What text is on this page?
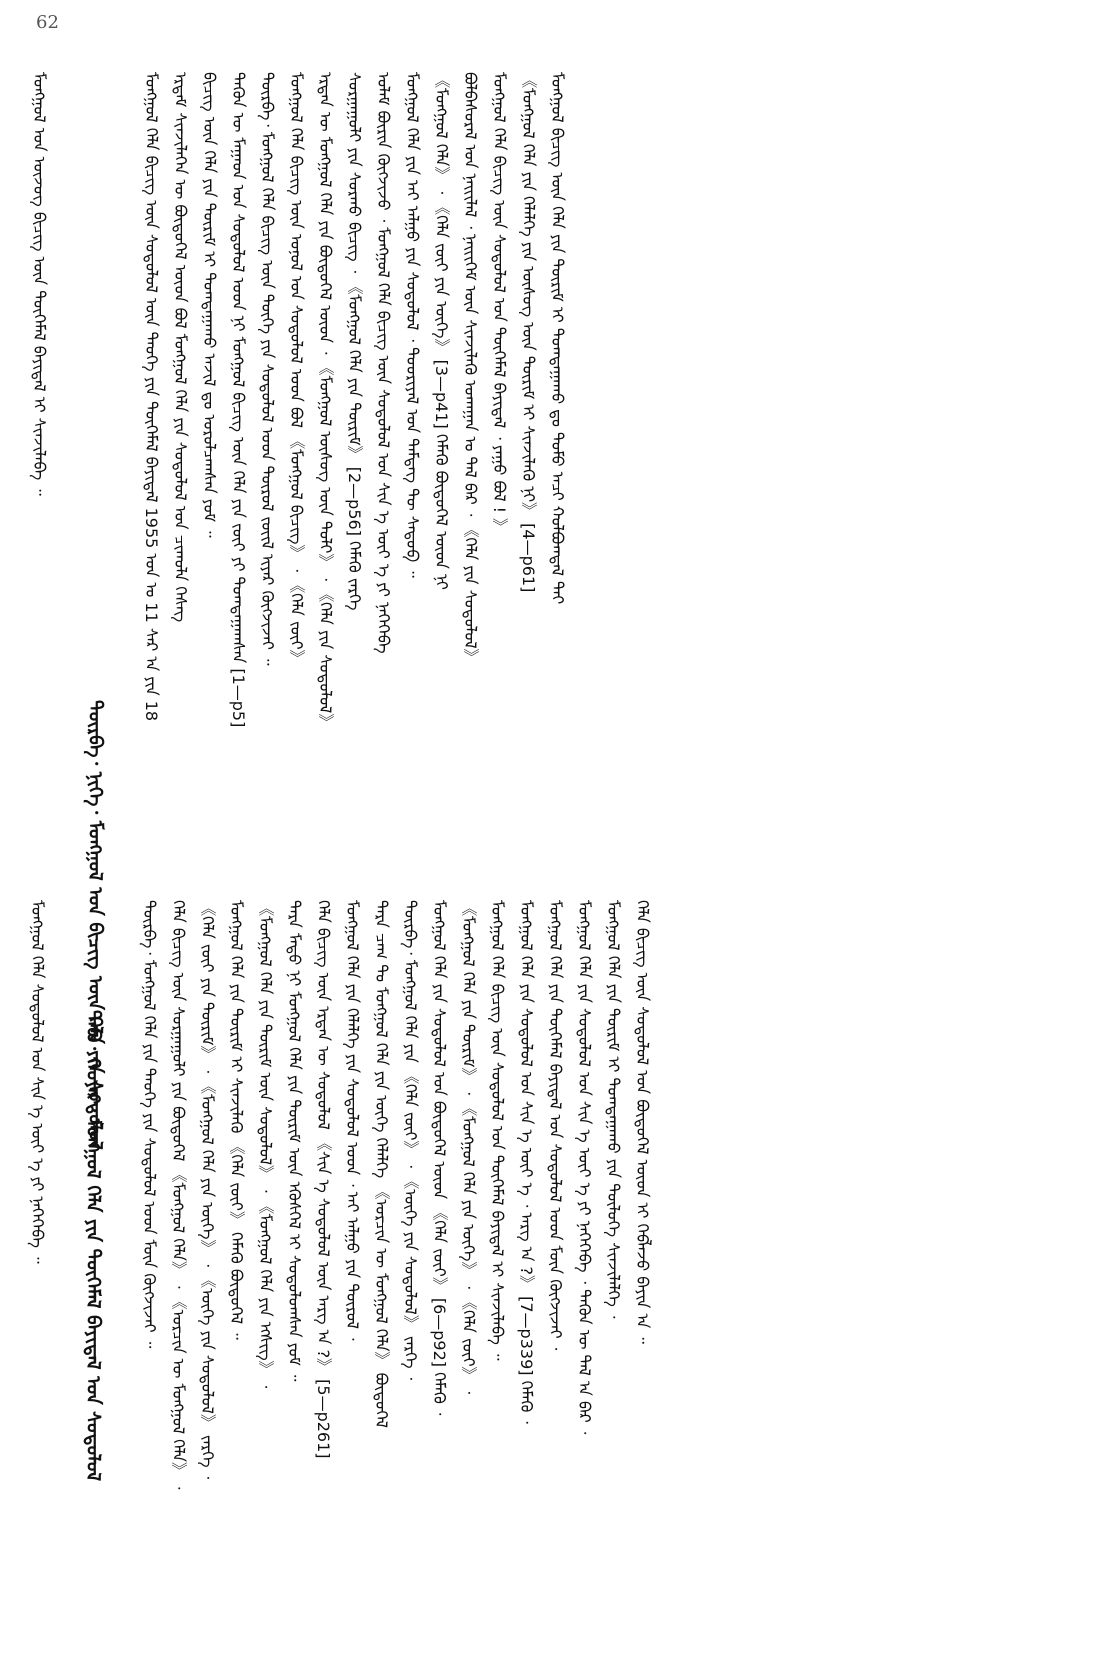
62
ᠮᠣᠩᠭᠣᠯ ᠤᠨ ᠦᠵᠦᠭ ᠪᠢᠴᠢᠭ ᠦᠨ ᠲᠦᠭᠡᠮᠡᠯ ᠪᠠᠶᠢᠳᠠᠯ ᠢ ᠰᠢᠨᠵᠢᠯᠡᠪᠡ ᠃
ᠳᠦᠷᠪᠡ᠂ ᠨᠢᠭᠡ᠂ ᠮᠣᠩᠭᠣᠯ ᠤᠨ ᠪᠢᠴᠢᠭ ᠦᠨ ᠬᠡᠯᠡ ᠶᠢᠨ ᠰᠤᠳᠤᠯᠤᠯ
ᠮᠣᠩᠭᠣᠯ ᠬᠡᠯᠡ ᠪᠢᠴᠢᠭ ᠦᠨ ᠰᠤᠳᠤᠯᠤᠯ ᠦᠨ ᠲᠡᠦᠬᠡ ᠶᠢᠨ ᠲᠦᠭᠡᠮᠡᠯ ᠪᠠᠶᠢᠳᠠᠯ 1955 ᠣᠨ ᠤ 11 ᠰᠠᠷ ᠠ ᠶᠢᠨ 18 ᠡᠷᠳᠡᠮ ᠰᠢᠨᠵᠢᠯᠡᠭᠡᠨ ᠦ ᠪᠦᠲᠦᠭᠡᠯ ᠦᠳ ᠪᠣᠯ ᠮᠣᠩᠭᠣᠯ ᠬᠡᠯᠡ ᠶᠢᠨ ᠰᠤᠳᠤᠯᠤᠯ ᠤᠨ ᠴᠢᠬᠤᠯᠠ ᠬᠡᠰᠡᠭ ᠪᠢᠴᠢᠭ ᠦᠨ ᠬᠡᠯᠡ ᠶᠢᠨ ᠳᠦᠷᠢᠮ ᠢ ᠲᠣᠭᠲᠠᠭᠠᠬᠤ ᠠᠵᠢᠯ ᠳᠤ ᠣᠷᠣᠯᠴᠠᠭᠰᠠᠨ ᠶᠤᠮ ᠃ ᠲᠡᠭᠦᠨ ᠦ ᠮᠠᠭᠠᠳ ᠤᠨ ᠰᠤᠳᠤᠯᠤᠯ ᠤᠳ ᠨᠢ ᠮᠣᠩᠭᠣᠯ ᠪᠢᠴᠢᠭ ᠦᠨ ᠬᠡᠯᠡ ᠶᠢᠨ ᠵᠦᠢ ᠶᠢ ᠲᠣᠭᠲᠠᠭᠠᠭᠰᠠᠨ [1—p5] ᠳᠦᠷᠪᠡ᠂ ᠮᠣᠩᠭᠣᠯ ᠬᠡᠯᠡ ᠪᠢᠴᠢᠭ ᠦᠨ ᠲᠦᠬᠡ ᠶᠢᠨ ᠰᠤᠳᠤᠯᠤᠯ ᠤᠳ ᠲᠦᠷᠦᠯ ᠵᠦᠢᠯ ᠢᠶᠡᠷ ᠬᠥᠭᠵᠢᠵᠡᠢ ᠃ ᠮᠣᠩᠭᠣᠯ ᠬᠡᠯᠡ ᠪᠢᠴᠢᠭ ᠦᠨ ᠣᠨᠣᠯ ᠤᠨ ᠰᠤᠳᠤᠯᠤᠯ ᠤᠳ ᠪᠣᠯ 《ᠮᠣᠩᠭᠣᠯ ᠪᠢᠴᠢᠭ》 ᠂ 《ᠬᠡᠯᠡ ᠵᠦᠢ》 ᠡᠷᠲᠡᠨ ᠦ ᠮᠣᠩᠭᠣᠯ ᠬᠡᠯᠡ ᠶᠢᠨ ᠪᠦᠲᠦᠭᠡᠯ ᠦᠳ ᠂ 《ᠮᠣᠩᠭᠣᠯ ᠦᠰᠦᠭ ᠦᠨ ᠲᠣᠯᠢ》 ᠂ 《ᠬᠡᠯᠡ ᠶᠢᠨ ᠰᠤᠳᠤᠯᠤᠯ》 ᠰᠤᠷᠭᠠᠭᠤᠯᠢ ᠶᠢᠨ ᠰᠤᠷᠬᠤ ᠪᠢᠴᠢᠭ ᠂ 《ᠮᠣᠩᠭᠣᠯ ᠬᠡᠯᠡ ᠶᠢᠨ ᠳᠦᠷᠢᠮ》 [2—p56] ᠬᠡᠮᠡᠬᠦ ᠵᠡᠷᠭᠡ ᠤᠯᠠᠮ ᠪᠦᠷᠢᠨ ᠬᠥᠭᠵᠢᠵᠦ ᠂ ᠮᠣᠩᠭᠣᠯ ᠬᠡᠯᠡ ᠪᠢᠴᠢᠭ ᠦᠨ ᠰᠤᠳᠤᠯᠤᠯ ᠤᠨ ᠰᠢᠨ ᠡ ᠦᠶ ᠡ ᠶᠢ ᠨᠡᠭᠡᠭᠡᠪᠡ ᠮᠣᠩᠭᠣᠯ ᠬᠡᠯᠡ ᠶᠢᠨ ᠠᠶ ᠠᠯᠭᠤ ᠶᠢᠨ ᠰᠤᠳᠤᠯᠤᠯ ᠂ ᠳᠤᠤᠷᠢᠶᠠᠯ ᠤᠨ ᠲᠡᠮᠳᠡᠭ ᠲᠦ ᠰᠡᠳᠦᠪ ᠃ 《ᠮᠣᠩᠭᠣᠯ ᠬᠡᠯᠡ》 ᠂ 《ᠬᠡᠯᠡ ᠵᠦᠢ ᠶᠢᠨ ᠦᠭᠡ》 [3—p41] ᠬᠡᠮᠡᠬᠦ ᠪᠦᠲᠦᠭᠡᠯ ᠦᠳ ᠨᠢ ᠪᠣᠯᠪᠠᠰᠤᠷᠠᠯ ᠤᠨ ᠨᠡᠢᠢᠯᠡᠯ ᠂ ᠨᠡᠢᠢᠭᠡᠮ ᠦᠨ ᠰᠢᠨᠵᠢᠯᠡᠬᠦ ᠤᠬᠠᠭᠠᠨ ᠤ ᠲᠠᠯ ᠪᠡᠷ ᠂ 《ᠬᠡᠯᠡ ᠶᠢᠨ ᠰᠤᠳᠤᠯᠤᠯ》 ᠮᠣᠩᠭᠣᠯ ᠬᠡᠯᠡ ᠪᠢᠴᠢᠭ ᠦᠨ ᠰᠤᠳᠤᠯᠤᠯ ᠤᠨ ᠲᠦᠭᠡᠮᠡᠯ ᠪᠠᠶᠢᠳᠠᠯ ᠂ ᠶᠠᠭᠤ ᠪᠣᠯ ! 》 《ᠮᠣᠩᠭᠣᠯ ᠬᠡᠯᠡ ᠶᠢᠨ ᠬᠡᠯᠡᠯᠭᠡ ᠶᠢᠨ ᠦᠰᠦᠭ ᠦᠨ ᠳᠦᠷᠢᠮ ᠢ ᠰᠢᠨᠵᠢᠯᠡᠬᠦ ᠨᠢ》 [4—p61] ᠮᠣᠩᠭᠣᠯ ᠪᠢᠴᠢᠭ ᠦᠨ ᠬᠡᠯᠡ ᠶᠢᠨ ᠳᠦᠷᠢᠮ ᠢ ᠲᠣᠭᠲᠠᠭᠠᠬᠤ ᠳᠤ ᠲᠣᠮᠤ ᠠᠴᠢ ᠬᠤᠯᠪᠤᠭᠳᠠᠯ ᠲᠠᠢ
ᠮᠣᠩᠭᠣᠯ ᠬᠡᠯᠡ ᠰᠤᠳᠤᠯᠤᠯ ᠤᠨ ᠰᠢᠨ ᠡ ᠦᠶ ᠡ ᠶᠢ ᠨᠡᠭᠡᠭᠡᠪᠡ ᠃ ᠲᠠᠪᠤ᠂ ᠬᠣᠶᠠᠷ᠂ ᠮᠣᠩᠭᠣᠯ ᠬᠡᠯᠡ ᠶᠢᠨ ᠲᠦᠭᠡᠮᠡᠯ ᠪᠠᠶᠢᠳᠠᠯ ᠤᠨ ᠰᠤᠳᠤᠯᠤᠯ	ᠳᠦᠷᠪᠡ᠂ ᠮᠣᠩᠭᠣᠯ ᠬᠡᠯᠡ ᠶᠢᠨ ᠲᠡᠦᠬᠡ ᠶᠢᠨ ᠰᠤᠳᠤᠯᠤᠯ ᠤᠳ ᠮᠥᠨ ᠬᠥᠭᠵᠢᠵᠡᠢ ᠃ ᠬᠡᠯᠡ ᠪᠢᠴᠢᠭ ᠦᠨ ᠰᠤᠷᠭᠠᠭᠤᠯᠢ ᠶᠢᠨ ᠪᠦᠲᠦᠭᠡᠯ 《ᠮᠣᠩᠭᠣᠯ ᠬᠡᠯᠡ》 ᠂ 《ᠣᠷᠴᠢᠨ ᠦ ᠮᠣᠩᠭᠣᠯ ᠬᠡᠯᠡ》 ᠂ 《ᠬᠡᠯᠡ ᠵᠦᠢ ᠶᠢᠨ ᠳᠦᠷᠢᠮ》 ᠂ 《ᠮᠣᠩᠭᠣᠯ ᠬᠡᠯᠡ ᠶᠢᠨ ᠦᠭᠡ》 ᠂ 《ᠦᠭᠡ ᠶᠢᠨ ᠰᠤᠳᠤᠯᠤᠯ》 ᠵᠡᠷᠭᠡ ᠂ ᠮᠣᠩᠭᠣᠯ ᠬᠡᠯᠡ ᠶᠢᠨ ᠳᠦᠷᠢᠮ ᠢ ᠰᠢᠨᠵᠢᠯᠡᠬᠦ 《ᠬᠡᠯᠡ ᠵᠦᠢ》 ᠬᠡᠮᠡᠬᠦ ᠪᠦᠲᠦᠭᠡᠯ ᠃ 《ᠮᠣᠩᠭᠣᠯ ᠬᠡᠯᠡ ᠶᠢᠨ ᠳᠦᠷᠢᠮ ᠦᠨ ᠰᠤᠳᠤᠯᠤᠯ》 ᠂ 《ᠮᠣᠩᠭᠣᠯ ᠬᠡᠯᠡ ᠶᠢᠨ ᠡᠭᠰᠢᠭ》 ᠂ ᠲᠡᠷᠡ ᠮᠡᠲᠦ ᠨᠢ ᠮᠣᠩᠭᠣᠯ ᠬᠡᠯᠡ ᠶᠢᠨ ᠳᠦᠷᠢᠮ ᠦᠨ ᠡᠭᠦᠰᠬᠡᠯ ᠢ ᠰᠤᠳᠤᠯᠤᠭᠰᠠᠨ ᠶᠤᠮ ᠃ ᠬᠡᠯᠡ ᠪᠢᠴᠢᠭ ᠦᠨ ᠡᠷᠲᠡᠨ ᠦ ᠰᠤᠳᠤᠯᠤᠯ 《ᠰᠢᠨ ᠡ ᠰᠤᠳᠤᠯᠤᠯ ᠦᠨ ᠠᠷᠭ ᠠ ?》 [5—p261] ᠮᠣᠩᠭᠣᠯ ᠬᠡᠯᠡ ᠶᠢᠨ ᠬᠡᠯᠡᠯᠭᠡ ᠶᠢᠨ ᠰᠤᠳᠤᠯᠤᠯ ᠤᠳ ᠂ ᠠᠶ ᠠᠯᠭᠤ ᠶᠢᠨ ᠲᠦᠷᠦᠯ ᠂ ᠲᠡᠷᠡ ᠴᠠᠭ ᠲᠤ ᠮᠣᠩᠭᠣᠯ ᠬᠡᠯᠡ ᠶᠢᠨ ᠦᠭᠡ ᠬᠡᠯᠡᠯᠭᠡ 《ᠣᠷᠴᠢᠨ ᠦ ᠮᠣᠩᠭᠣᠯ ᠬᠡᠯᠡ》 ᠪᠦᠲᠦᠭᠡᠯ ᠳᠦᠷᠪᠡ᠂ ᠮᠣᠩᠭᠣᠯ ᠬᠡᠯᠡ ᠶᠢᠨ 《ᠬᠡᠯᠡ ᠵᠦᠢ》 ᠂ 《ᠦᠭᠡ ᠶᠢᠨ ᠰᠤᠳᠤᠯᠤᠯ》 ᠵᠡᠷᠭᠡ ᠂ ᠮᠣᠩᠭᠣᠯ ᠬᠡᠯᠡ ᠶᠢᠨ ᠰᠤᠳᠤᠯᠤᠯ ᠤᠨ ᠪᠦᠲᠦᠭᠡᠯ ᠦᠳ 《ᠬᠡᠯᠡ ᠵᠦᠢ》 [6—p92] ᠬᠡᠮᠡᠬᠦ ᠂ 《ᠮᠣᠩᠭᠣᠯ ᠬᠡᠯᠡ ᠶᠢᠨ ᠳᠦᠷᠢᠮ》 ᠂ 《ᠮᠣᠩᠭᠣᠯ ᠬᠡᠯᠡ ᠶᠢᠨ ᠦᠭᠡ》 ᠂ 《ᠬᠡᠯᠡ ᠵᠦᠢ》 ᠂ ᠮᠣᠩᠭᠣᠯ ᠬᠡᠯᠡ ᠪᠢᠴᠢᠭ ᠦᠨ ᠰᠤᠳᠤᠯᠤᠯ ᠤᠨ ᠲᠦᠭᠡᠮᠡᠯ ᠪᠠᠶᠢᠳᠠᠯ ᠢ ᠰᠢᠨᠵᠢᠯᠡᠪᠡ ᠃ ᠮᠣᠩᠭᠣᠯ ᠬᠡᠯᠡ ᠶᠢᠨ ᠰᠤᠳᠤᠯᠤᠯ ᠤᠨ ᠰᠢᠨ ᠡ ᠦᠶ ᠡ ᠂ ᠠᠷᠭ ᠠ ?》 [7—p339] ᠬᠡᠮᠡᠬᠦ ᠂ ᠮᠣᠩᠭᠣᠯ ᠬᠡᠯᠡ ᠶᠢᠨ ᠲᠦᠭᠡᠮᠡᠯ ᠪᠠᠶᠢᠳᠠᠯ ᠤᠨ ᠰᠤᠳᠤᠯᠤᠯ ᠤᠳ ᠮᠥᠨ ᠬᠥᠭᠵᠢᠵᠡᠢ ᠂ ᠮᠣᠩᠭᠣᠯ ᠬᠡᠯᠡ ᠶᠢᠨ ᠰᠤᠳᠤᠯᠤᠯ ᠤᠨ ᠰᠢᠨ ᠡ ᠦᠶ ᠡ ᠶᠢ ᠨᠡᠭᠡᠭᠡᠪᠡ ᠂ ᠲᠡᠭᠦᠨ ᠦ ᠲᠠᠯ ᠠ ᠪᠠᠷ ᠂ ᠮᠣᠩᠭᠣᠯ ᠬᠡᠯᠡ ᠶᠢᠨ ᠳᠦᠷᠢᠮ ᠢ ᠲᠣᠭᠲᠠᠭᠠᠬᠤ ᠶᠢᠨ ᠲᠦᠯᠦᠭᠡ ᠰᠢᠨᠵᠢᠯᠡᠯᠭᠡ ᠂ ᠬᠡᠯᠡ ᠪᠢᠴᠢᠭ ᠦᠨ ᠰᠤᠳᠤᠯᠤᠯ ᠤᠨ ᠪᠦᠲᠦᠭᠡᠯ ᠦᠳ ᠢ ᠬᠡᠪᠯᠡᠵᠦ ᠪᠠᠶᠢᠨ ᠠ ᠃
